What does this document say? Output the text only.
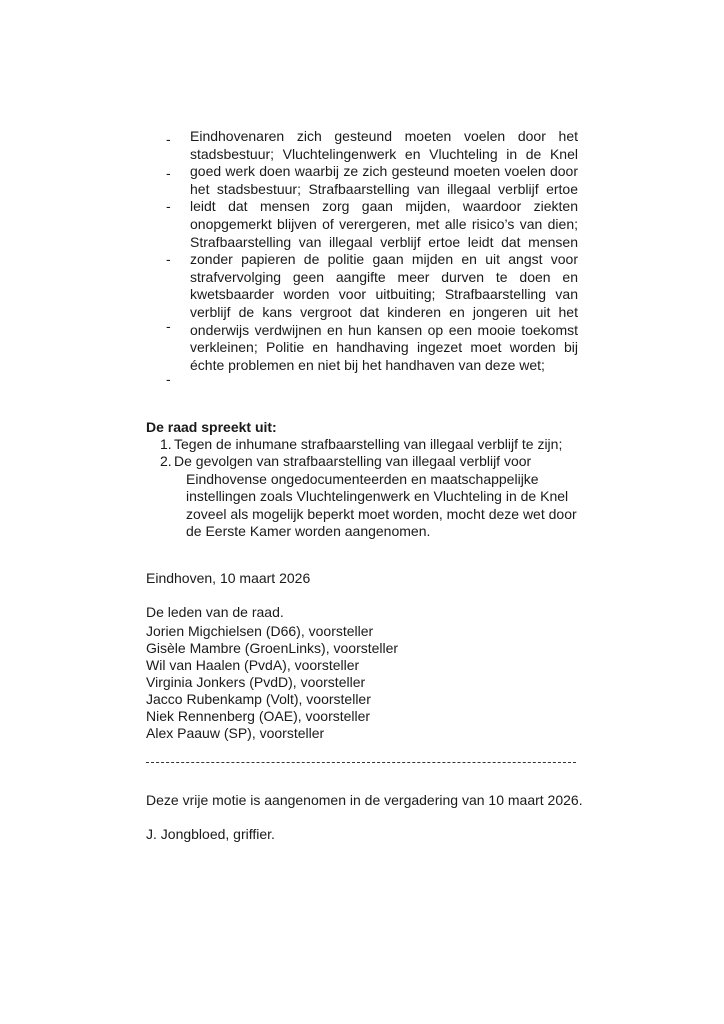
-
-
-
-
-
-
Eindhovenaren zich gesteund moeten voelen door het stadsbestuur; Vluchtelingenwerk en Vluchteling in de Knel goed werk doen waarbij ze zich gesteund moeten voelen door het stadsbestuur; Strafbaarstelling van illegaal verblijf ertoe leidt dat mensen zorg gaan mijden, waardoor ziekten onopgemerkt blijven of verergeren, met alle risico’s van dien; Strafbaarstelling van illegaal verblijf ertoe leidt dat mensen zonder papieren de politie gaan mijden en uit angst voor strafvervolging geen aangifte meer durven te doen en kwetsbaarder worden voor uitbuiting; Strafbaarstelling van verblijf de kans vergroot dat kinderen en jongeren uit het onderwijs verdwijnen en hun kansen op een mooie toekomst verkleinen; Politie en handhaving ingezet moet worden bij échte problemen en niet bij het handhaven van deze wet;
De raad spreekt uit:
1. Tegen de inhumane strafbaarstelling van illegaal verblijf te zijn;
2. De gevolgen van strafbaarstelling van illegaal verblijf voor
Eindhovense ongedocumenteerden en maatschappelijke instellingen zoals Vluchtelingenwerk en Vluchteling in de Knel zoveel als mogelijk beperkt moet worden, mocht deze wet door de Eerste Kamer worden aangenomen.
Eindhoven, 10 maart 2026
De leden van de raad.
Jorien Migchielsen (D66), voorsteller
Gisèle Mambre (GroenLinks), voorsteller
Wil van Haalen (PvdA), voorsteller
Virginia Jonkers (PvdD), voorsteller
Jacco Rubenkamp (Volt), voorsteller
Niek Rennenberg (OAE), voorsteller
Alex Paauw (SP), voorsteller
Deze vrije motie is aangenomen in de vergadering van 10 maart 2026.
J. Jongbloed, griffier.
